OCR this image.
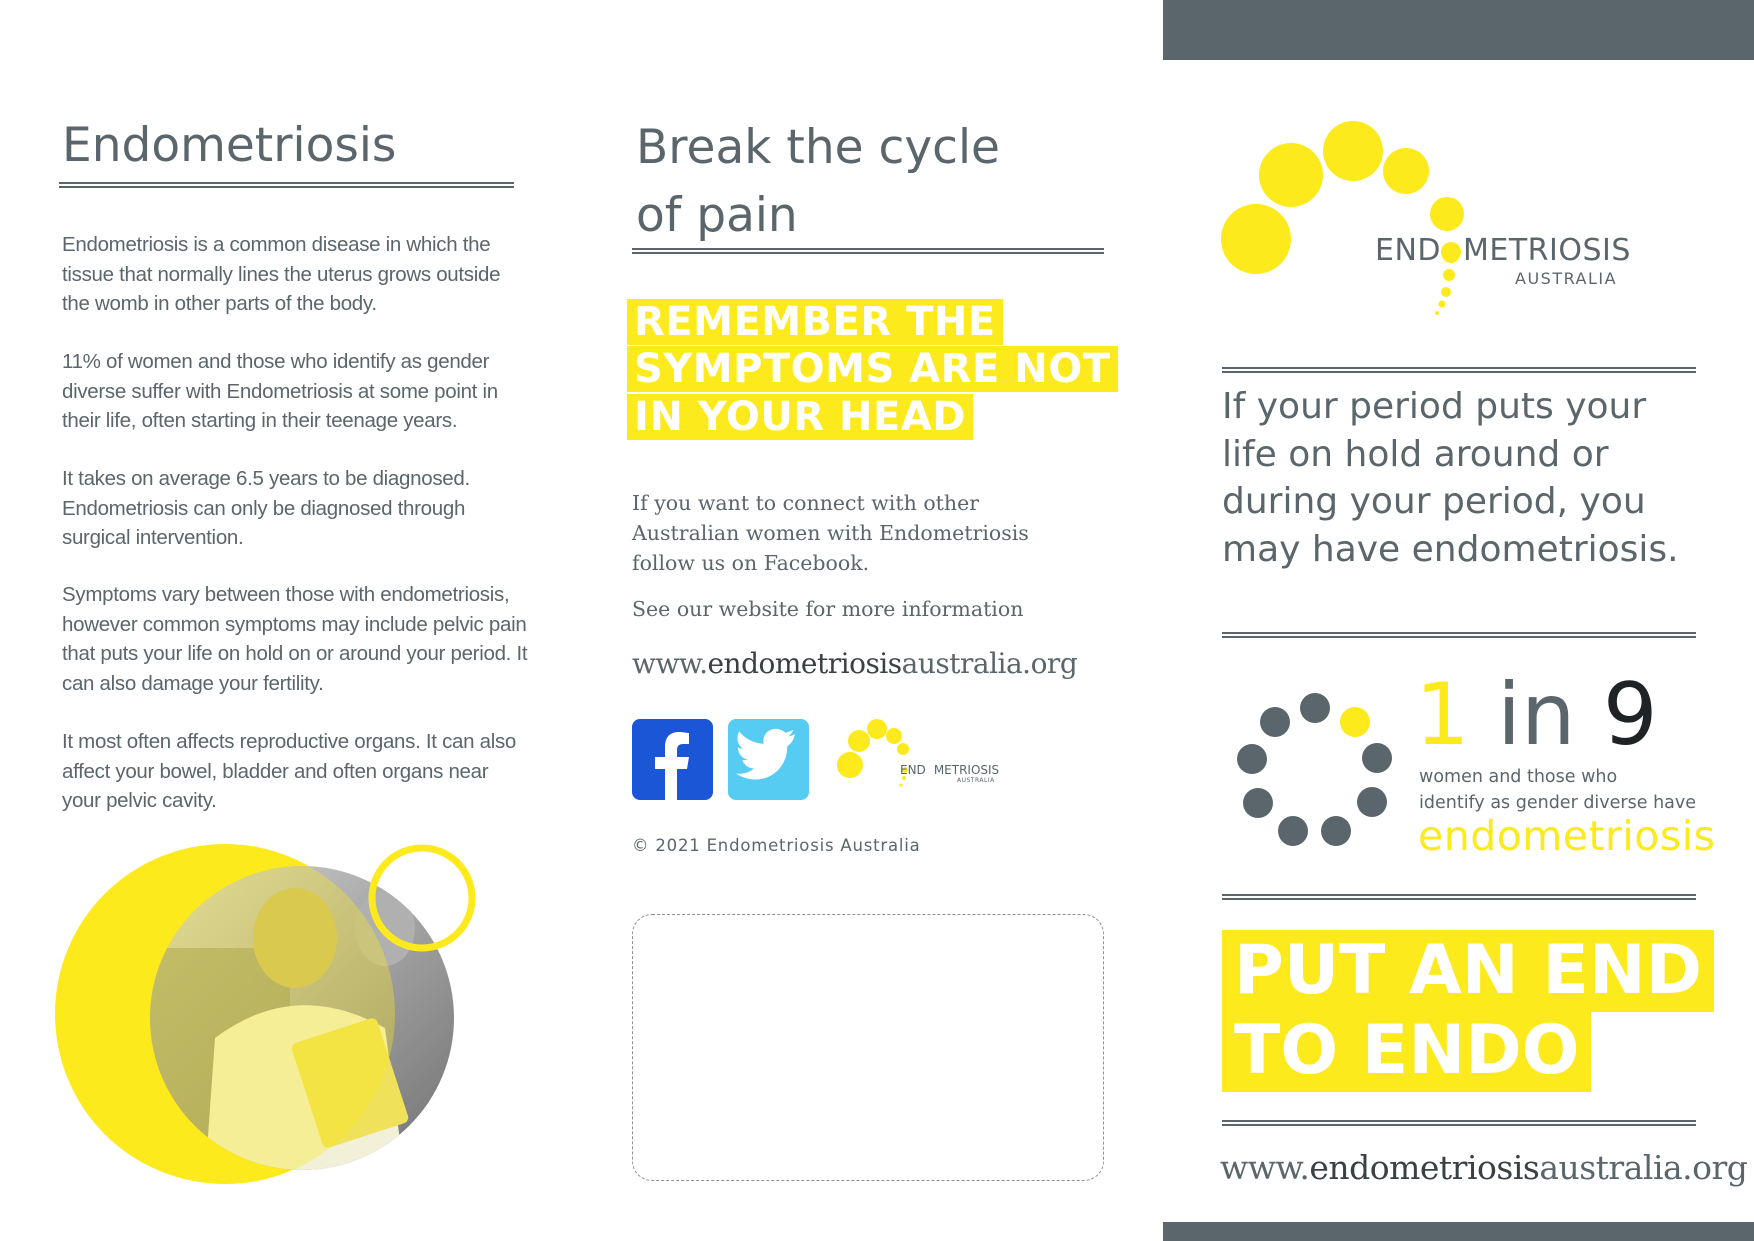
Endometriosis

Endometriosis is a common disease in which the tissue that normally lines the uterus grows outside the womb in other parts of the body.

11% of women and those who identify as gender diverse suffer with Endometriosis at some point in their life, often starting in their teenage years.

It takes on average 6.5 years to be diagnosed. Endometriosis can only be diagnosed through surgical intervention.

Symptoms vary between those with endometriosis, however common symptoms may include pelvic pain that puts your life on hold on or around your period. It can also damage your fertility.

It most often affects reproductive organs. It can also affect your bowel, bladder and often organs near your pelvic cavity.

Break the cycle
of pain
REMEMBER THE
SYMPTOMS ARE NOT
IN YOUR HEAD

If you want to connect with other Australian women with Endometriosis follow us on Facebook.

See our website for more information

www.endometriosisaustralia.org
END METRIOSIS
AUSTRALIA
© 2021 Endometriosis Australia
END METRIOSIS
AUSTRALIA

If your period puts your life on hold around or during your period, you may have endometriosis.

1 in 9
women and those who
identify as gender diverse have
endometriosis
PUT AN END
TO ENDO
www.endometriosisaustralia.org
